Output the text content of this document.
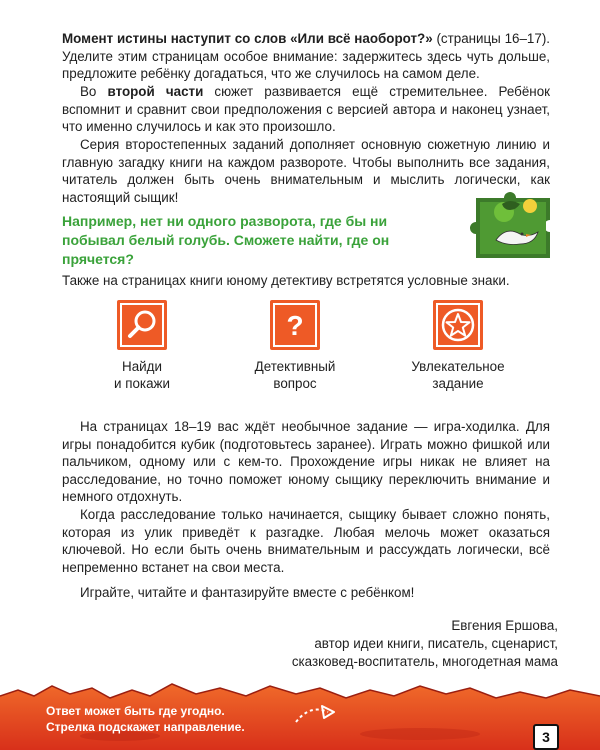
Момент истины наступит со слов «Или всё наоборот?» (страницы 16–17). Уделите этим страницам особое внимание: задержитесь здесь чуть дольше, предложите ребёнку догадаться, что же случилось на самом деле.

Во второй части сюжет развивается ещё стремительнее. Ребёнок вспомнит и сравнит свои предположения с версией автора и наконец узнает, что именно случилось и как это произошло.

Серия второстепенных заданий дополняет основную сюжетную линию и главную загадку книги на каждом развороте. Чтобы выполнить все задания, читатель должен быть очень внимательным и мыслить логически, как настоящий сыщик!

Например, нет ни одного разворота, где бы ни побывал белый голубь. Сможете найти, где он прячется?

Также на страницах книги юному детективу встретятся условные знаки.

Найди
и покажи
?
Детективный
вопрос
Увлекательное
задание

На страницах 18–19 вас ждёт необычное задание — игра-ходилка. Для игры понадобится кубик (подготовьтесь заранее). Играть можно фишкой или пальчиком, одному или с кем-то. Прохождение игры никак не влияет на расследование, но точно поможет юному сыщику переключить внимание и немного отдохнуть.

Когда расследование только начинается, сыщику бывает сложно понять, которая из улик приведёт к разгадке. Любая мелочь может оказаться ключевой. Но если быть очень внимательным и рассуждать логически, всё непременно встанет на свои места.

Играйте, читайте и фантазируйте вместе с ребёнком!

Евгения Ершова,
автор идеи книги, писатель, сценарист,
сказковед-воспитатель, многодетная мама
Ответ может быть где угодно.
Стрелка подскажет направление.
3
